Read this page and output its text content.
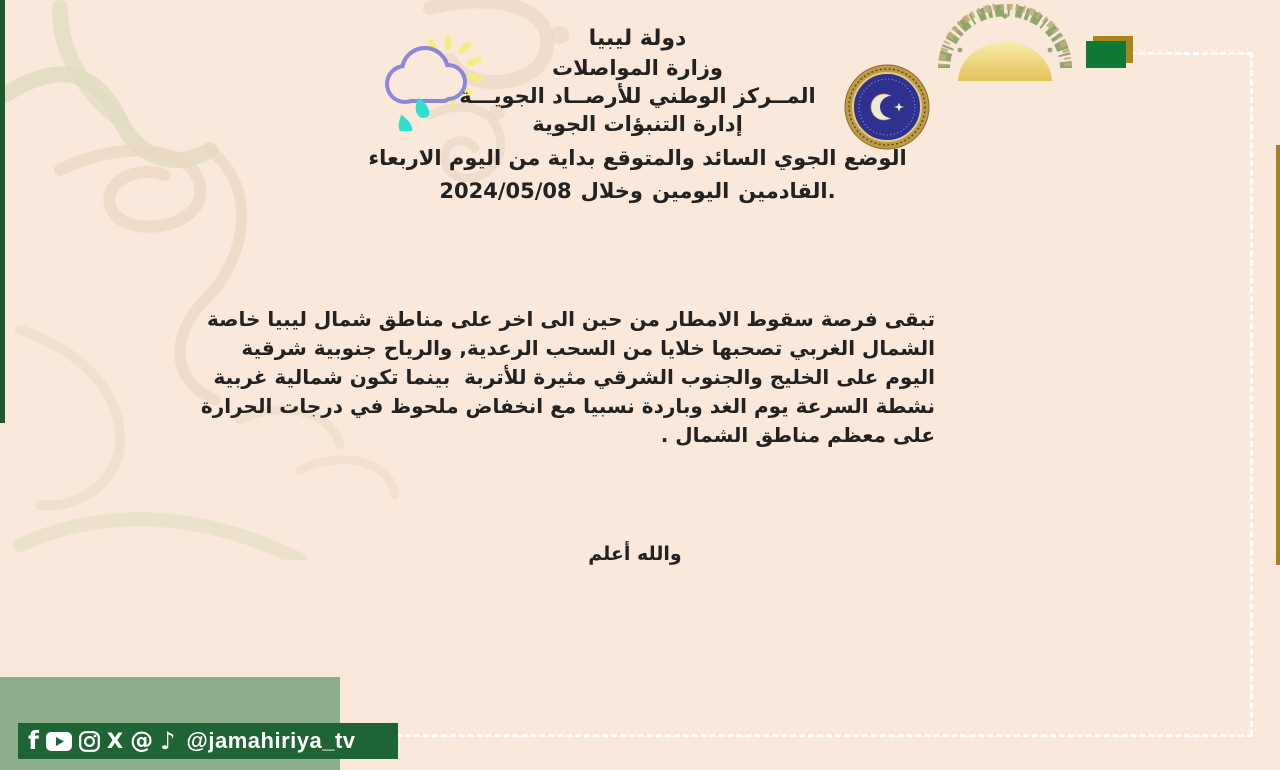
دولة ليبيا
وزارة المواصلات
المــركز الوطني للأرصــاد الجويـــة
إدارة التنبؤات الجوية
الوضع الجوي السائد والمتوقع بداية من اليوم الاربعاء
2024/05/08 وخلال اليومين القادمين.
تبقى فرصة سقوط الامطار من حين الى اخر على مناطق شمال ليبيا خاصة
الشمال الغربي تصحبها خلايا من السحب الرعدية, والرياح جنوبية شرقية
اليوم على الخليج والجنوب الشرقي مثيرة للأتربة  بينما تكون شمالية غربية
نشطة السرعة يوم الغد وباردة نسبيا مع انخفاض ملحوظ في درجات الحرارة
على معظم مناطق الشمال .
والله أعلم
f	X @ ♪ @jamahiriya_tv
